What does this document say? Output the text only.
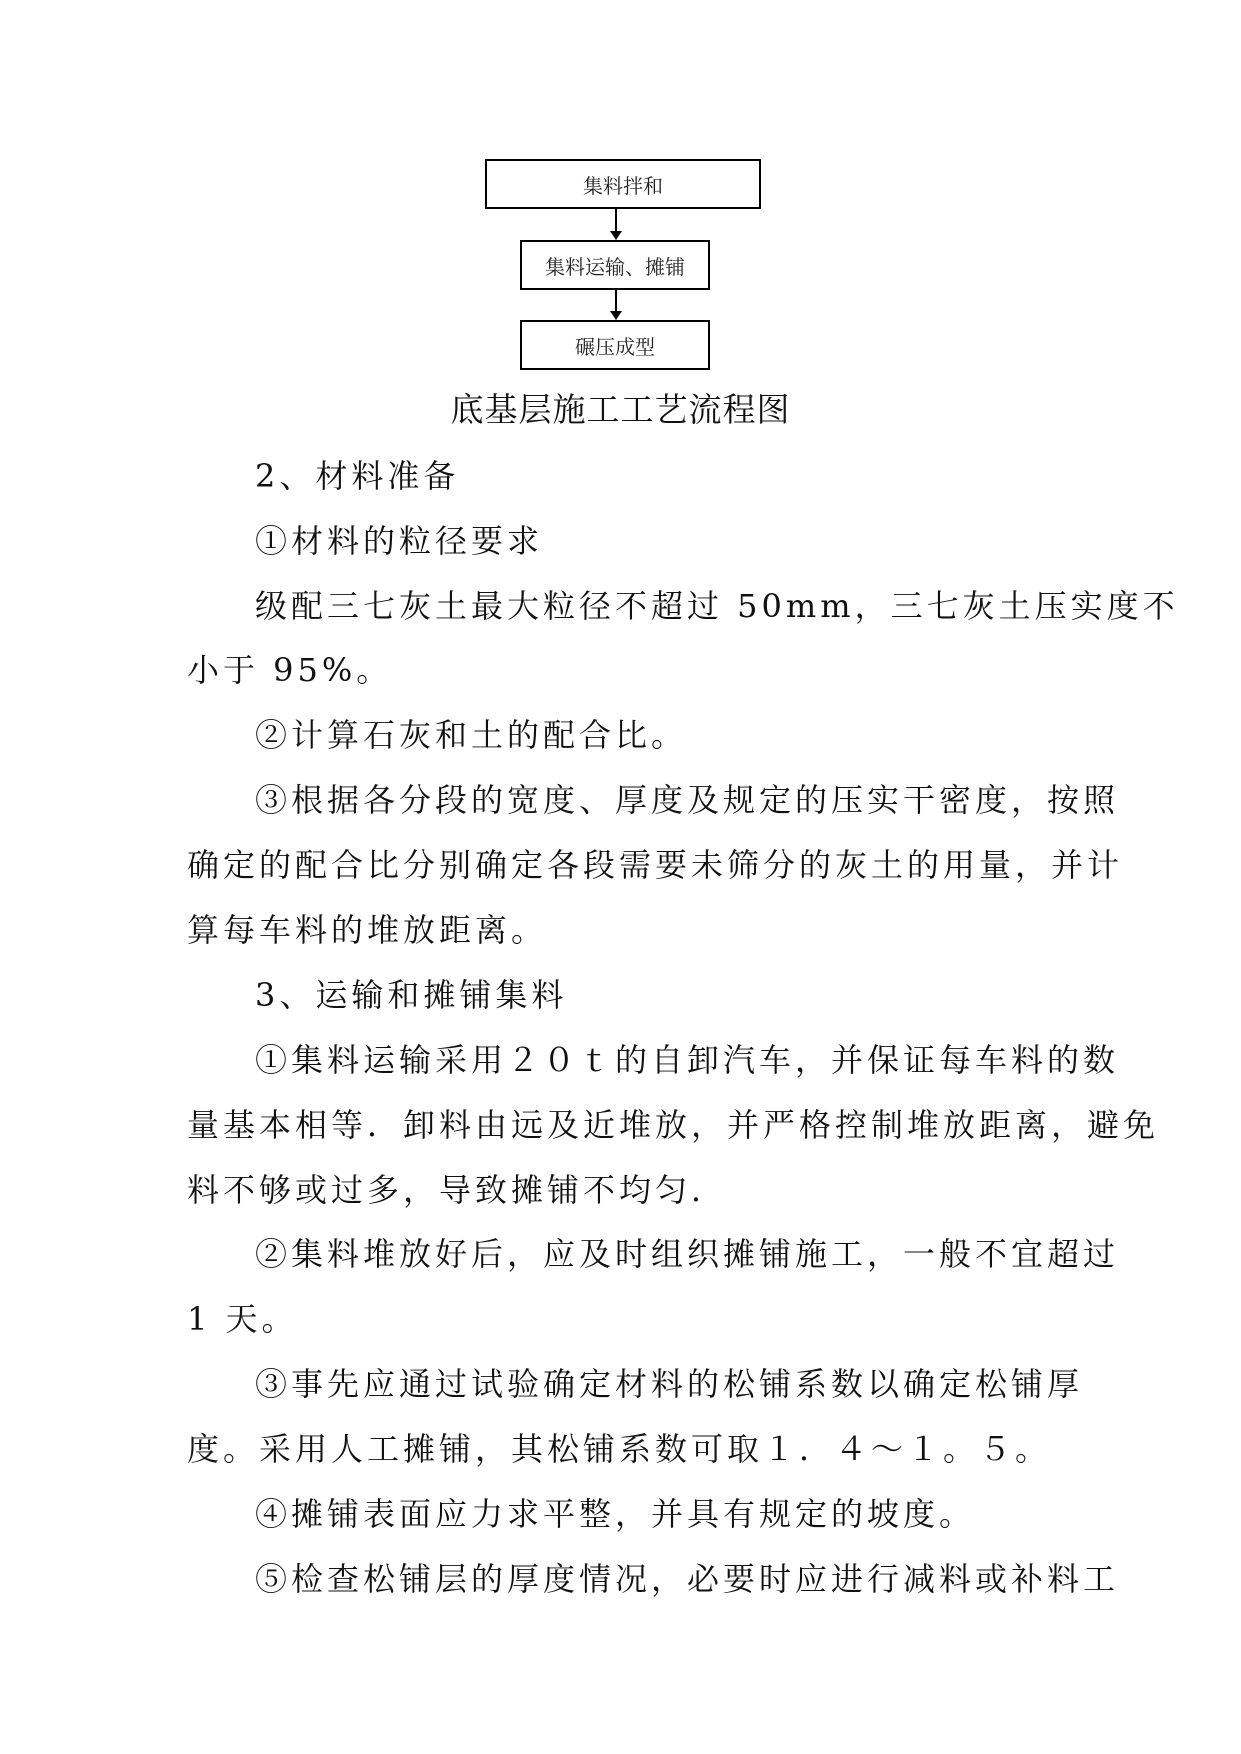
集料拌和
集料运输、摊铺
碾压成型
底基层施工工艺流程图
2、材料准备
①材料的粒径要求
级配三七灰土最大粒径不超过 50mm，三七灰土压实度不
小于 95%。
②计算石灰和土的配合比。
③根据各分段的宽度、厚度及规定的压实干密度，按照
确定的配合比分别确定各段需要未筛分的灰土的用量，并计
算每车料的堆放距离。
3、运输和摊铺集料
①集料运输采用２０ｔ的自卸汽车，并保证每车料的数
量基本相等．卸料由远及近堆放，并严格控制堆放距离，避免
料不够或过多，导致摊铺不均匀．
②集料堆放好后，应及时组织摊铺施工，一般不宜超过
1 天。
③事先应通过试验确定材料的松铺系数以确定松铺厚
度。采用人工摊铺，其松铺系数可取１．４～１。５。
④摊铺表面应力求平整，并具有规定的坡度。
⑤检查松铺层的厚度情况，必要时应进行减料或补料工
